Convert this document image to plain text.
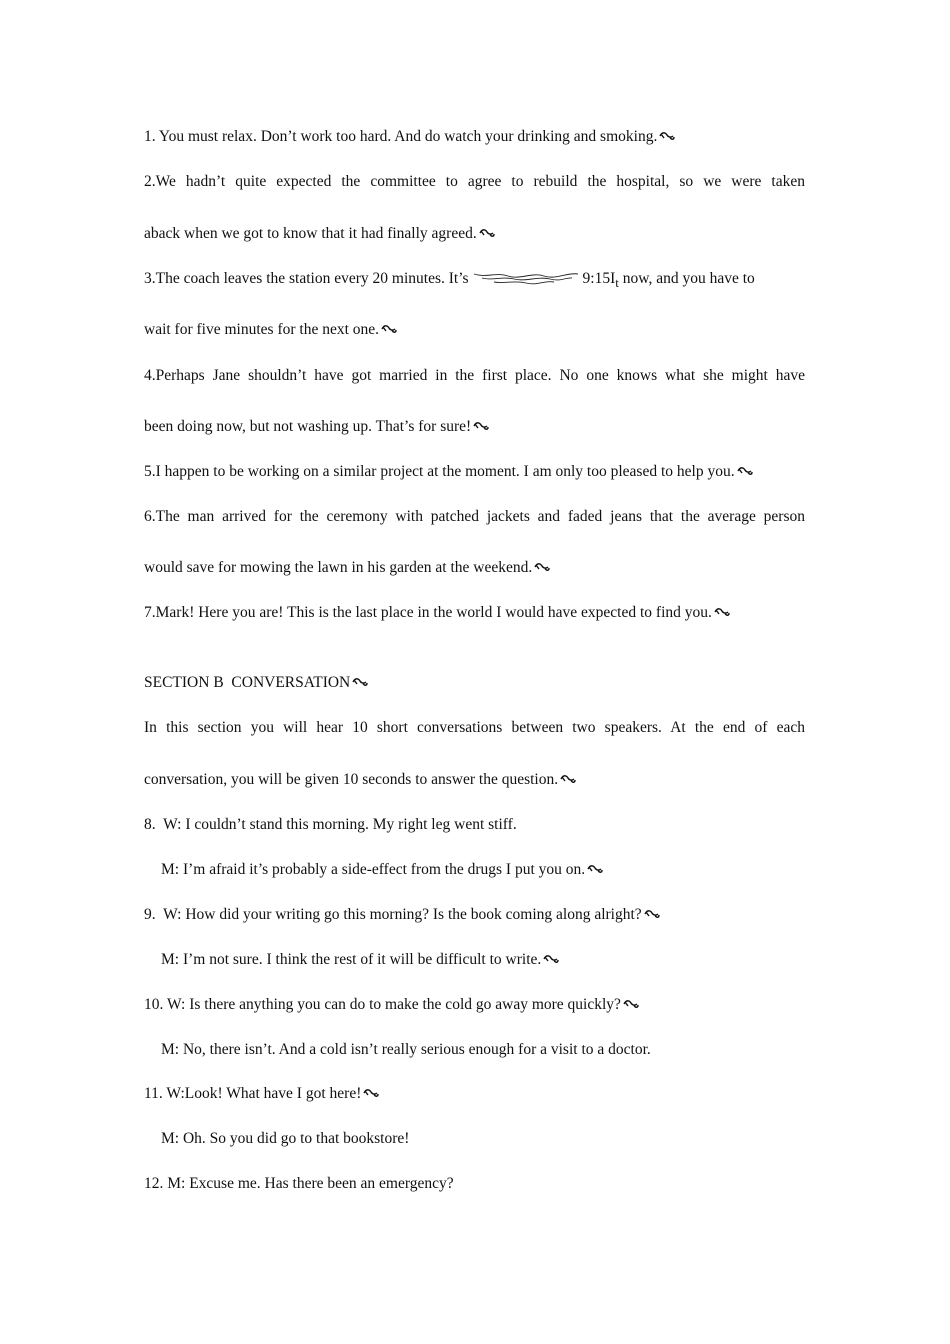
1. You must relax. Don’t work too hard. And do watch your drinking and smoking.
2.We hadn’t quite expected the committee to agree to rebuild the hospital, so we were taken
aback when we got to know that it had finally agreed.
3.The coach leaves the station every 20 minutes. It’s	$9:15I_t$ now, and you have to
wait for five minutes for the next one.
4.Perhaps Jane shouldn’t have got married in the first place. No one knows what she might have
been doing now, but not washing up. That’s for sure!
5.I happen to be working on a similar project at the moment. I am only too pleased to help you.
6.The man arrived for the ceremony with patched jackets and faded jeans that the average person
would save for mowing the lawn in his garden at the weekend.
7.Mark! Here you are! This is the last place in the world I would have expected to find you.
SECTION B  CONVERSATION
In this section you will hear 10 short conversations between two speakers. At the end of each
conversation, you will be given 10 seconds to answer the question.
8.  W: I couldn’t stand this morning. My right leg went stiff.
M: I’m afraid it’s probably a side-effect from the drugs I put you on.
9.  W: How did your writing go this morning? Is the book coming along alright?
M: I’m not sure. I think the rest of it will be difficult to write.
10. W: Is there anything you can do to make the cold go away more quickly?
M: No, there isn’t. And a cold isn’t really serious enough for a visit to a doctor.
11. W:Look! What have I got here!
M: Oh. So you did go to that bookstore!
12. M: Excuse me. Has there been an emergency?
